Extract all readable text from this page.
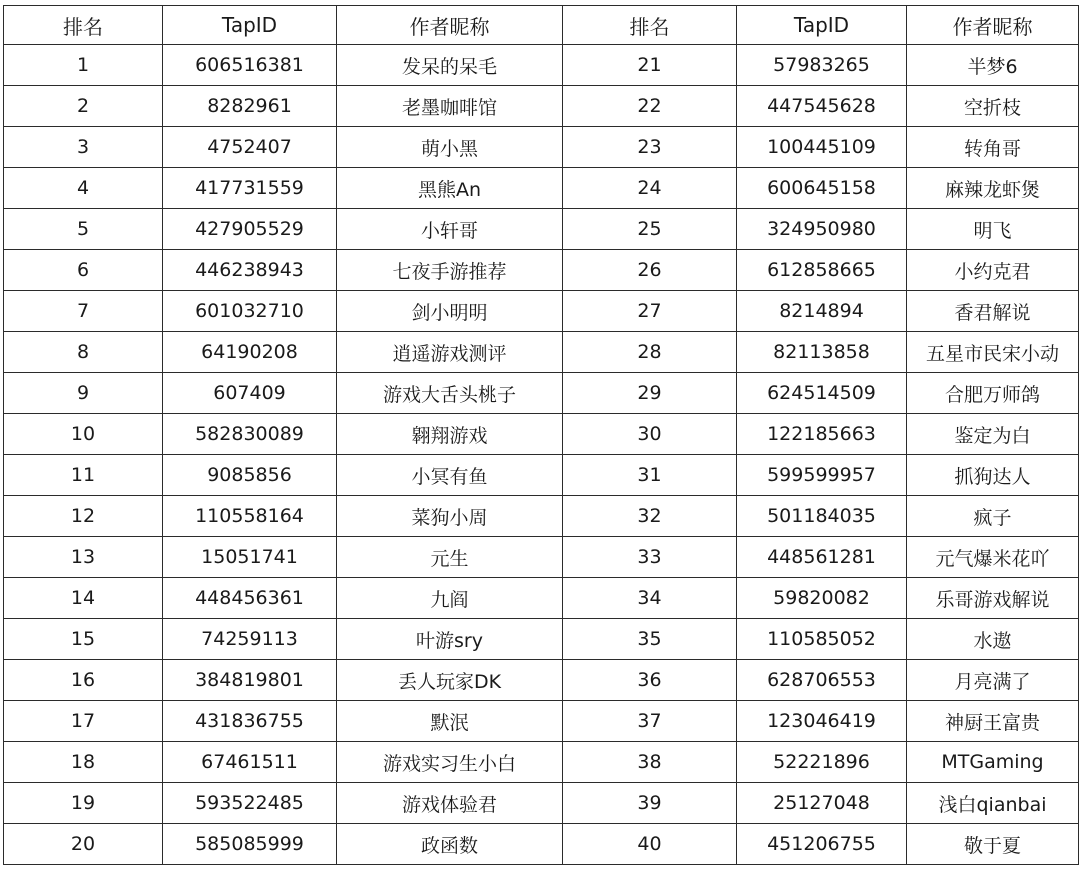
排名	TapID	作者昵称	排名	TapID	作者昵称
1	606516381	发呆的呆毛	21	57983265	半梦6
2	8282961	老墨咖啡馆	22	447545628	空折枝
3	4752407	萌小黑	23	100445109	转角哥
4	417731559	黑熊An	24	600645158	麻辣龙虾煲
5	427905529	小轩哥	25	324950980	明飞
6	446238943	七夜手游推荐	26	612858665	小约克君
7	601032710	剑小明明	27	8214894	香君解说
8	64190208	逍遥游戏测评	28	82113858	五星市民宋小动
9	607409	游戏大舌头桃子	29	624514509	合肥万师鸽
10	582830089	翱翔游戏	30	122185663	鉴定为白
11	9085856	小冥有鱼	31	599599957	抓狗达人
12	110558164	菜狗小周	32	501184035	疯子
13	15051741	元生	33	448561281	元气爆米花吖
14	448456361	九阎	34	59820082	乐哥游戏解说
15	74259113	叶游sry	35	110585052	水遨
16	384819801	丢人玩家DK	36	628706553	月亮满了
17	431836755	默泯	37	123046419	神厨王富贵
18	67461511	游戏实习生小白	38	52221896	MTGaming
19	593522485	游戏体验君	39	25127048	浅白qianbai
20	585085999	政函数	40	451206755	敬于夏
